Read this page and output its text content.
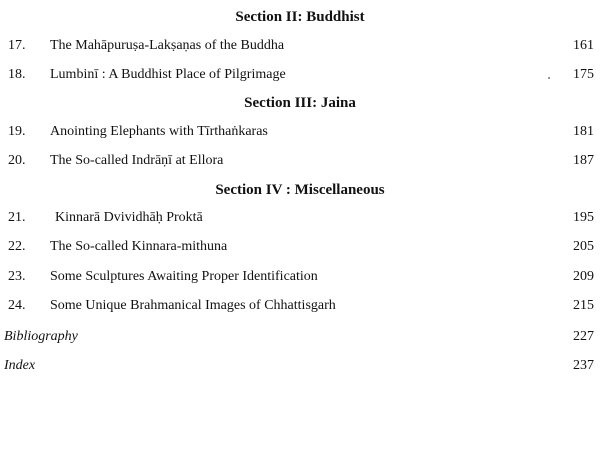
Section II: Buddhist
17. The Mahāpuruṣa-Lakṣaṇas of the Buddha	161
18. Lumbinī : A Buddhist Place of Pilgrimage	175
Section III: Jaina
19. Anointing Elephants with Tīrthaṅkaras	181
20. The So-called Indrāṇī at Ellora	187
Section IV : Miscellaneous
21. Kinnarā Dvividhāḥ Proktā	195
22. The So-called Kinnara-mithuna	205
23. Some Sculptures Awaiting Proper Identification	209
24. Some Unique Brahmanical Images of Chhattisgarh	215
Bibliography	227
Index	237
